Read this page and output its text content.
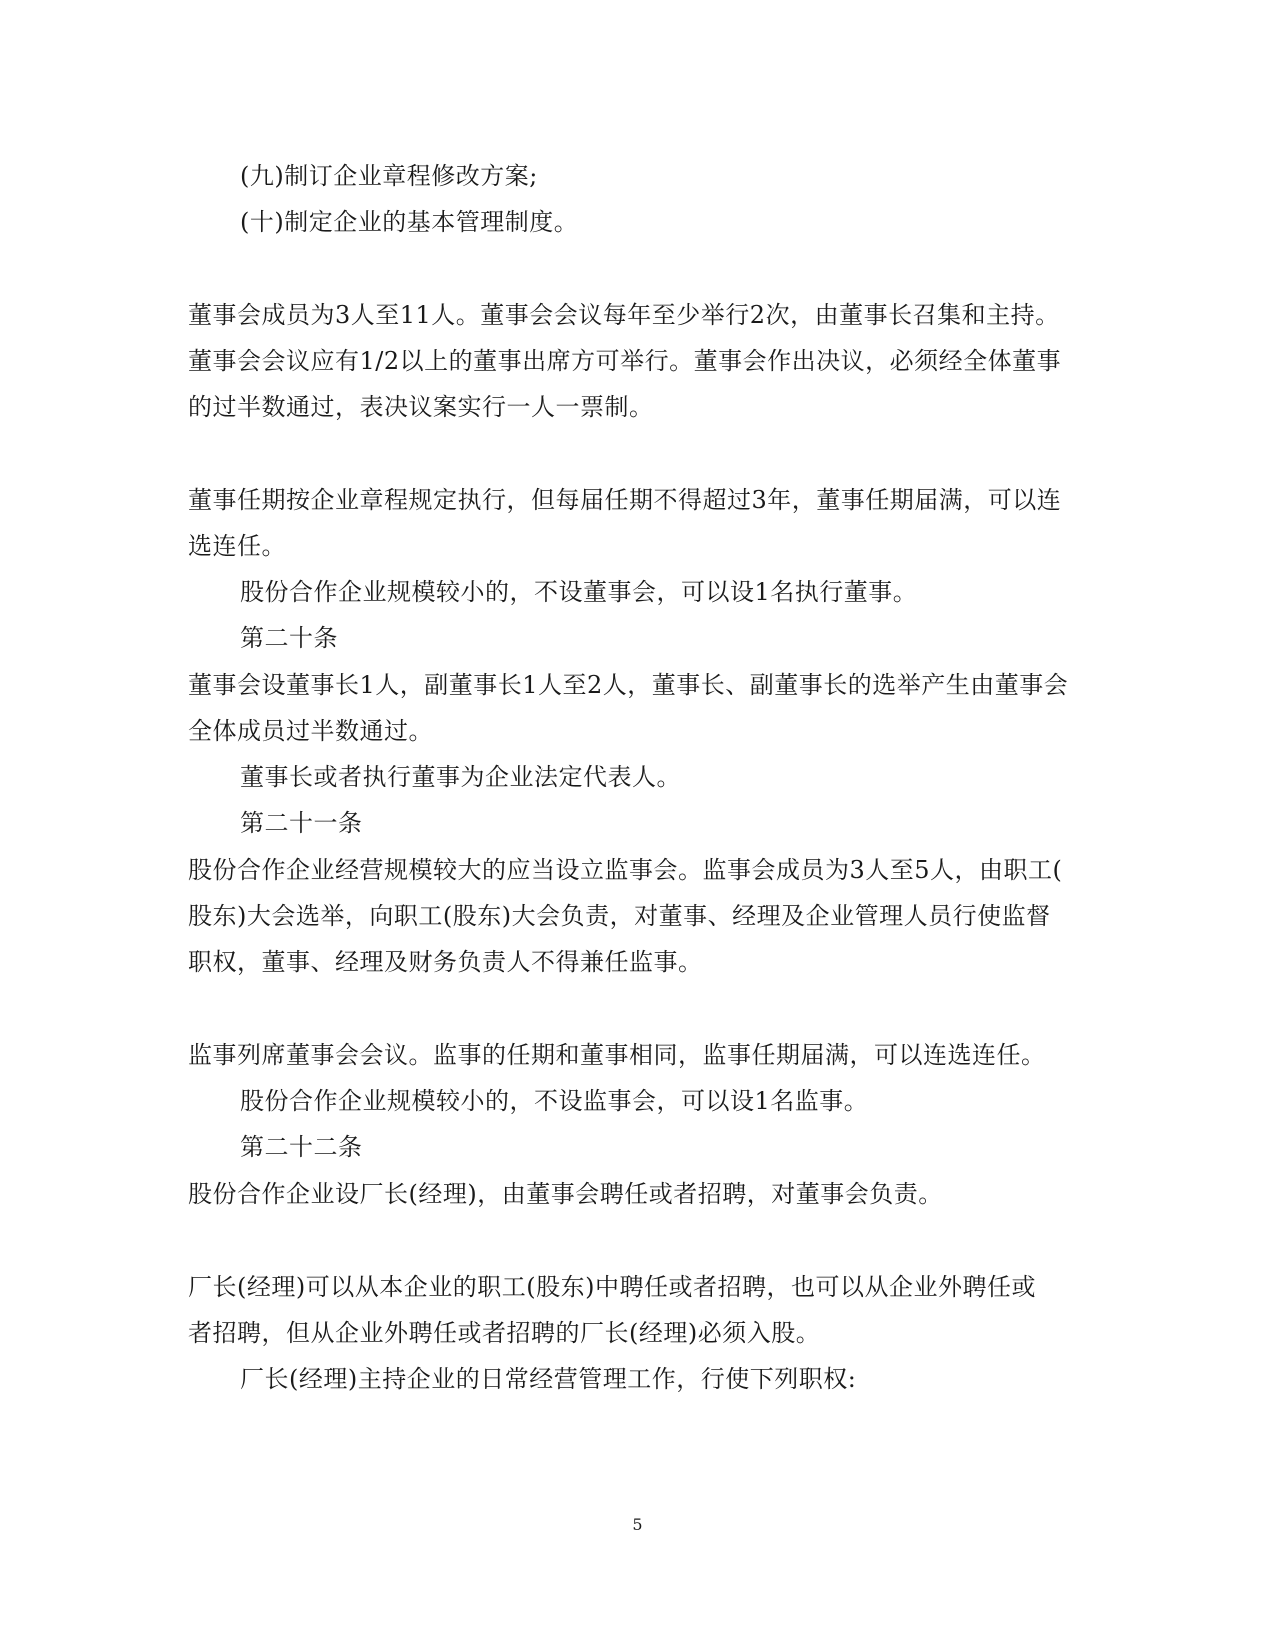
(九)制订企业章程修改方案;
(十)制定企业的基本管理制度。
董事会成员为3人至11人。董事会会议每年至少举行2次，由董事长召集和主持。
董事会会议应有1/2以上的董事出席方可举行。董事会作出决议，必须经全体董事
的过半数通过，表决议案实行一人一票制。
董事任期按企业章程规定执行，但每届任期不得超过3年，董事任期届满，可以连
选连任。
股份合作企业规模较小的，不设董事会，可以设1名执行董事。
第二十条
董事会设董事长1人，副董事长1人至2人，董事长、副董事长的选举产生由董事会
全体成员过半数通过。
董事长或者执行董事为企业法定代表人。
第二十一条
股份合作企业经营规模较大的应当设立监事会。监事会成员为3人至5人，由职工(
股东)大会选举，向职工(股东)大会负责，对董事、经理及企业管理人员行使监督
职权，董事、经理及财务负责人不得兼任监事。
监事列席董事会会议。监事的任期和董事相同，监事任期届满，可以连选连任。
股份合作企业规模较小的，不设监事会，可以设1名监事。
第二十二条
股份合作企业设厂长(经理)，由董事会聘任或者招聘，对董事会负责。
厂长(经理)可以从本企业的职工(股东)中聘任或者招聘，也可以从企业外聘任或
者招聘，但从企业外聘任或者招聘的厂长(经理)必须入股。
厂长(经理)主持企业的日常经营管理工作，行使下列职权:
5
